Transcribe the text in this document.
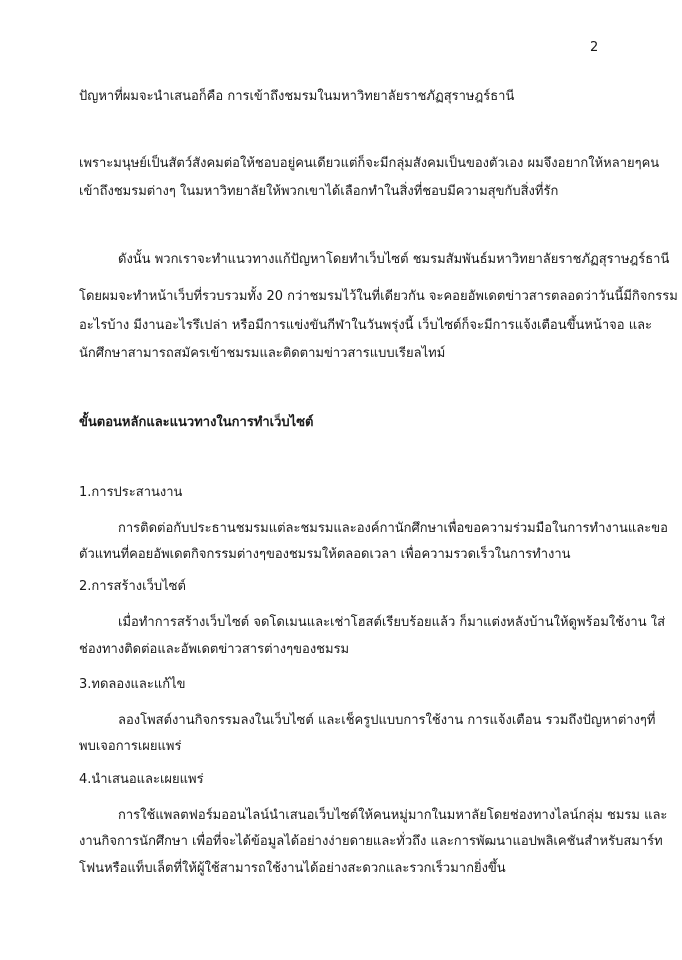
2
ปัญหาที่ผมจะนำเสนอก็คือ การเข้าถึงชมรมในมหาวิทยาลัยราชภัฏสุราษฎร์ธานี
เพราะมนุษย์เป็นสัตว์สังคมต่อให้ชอบอยู่คนเดียวแต่ก็จะมีกลุ่มสังคมเป็นของตัวเอง ผมจึงอยากให้หลายๆคน
เข้าถึงชมรมต่างๆ ในมหาวิทยาลัยให้พวกเขาได้เลือกทำในสิ่งที่ชอบมีความสุขกับสิ่งที่รัก
ดังนั้น พวกเราจะทำแนวทางแก้ปัญหาโดยทำเว็บไซต์ ชมรมสัมพันธ์มหาวิทยาลัยราชภัฏสุราษฎร์ธานี
โดยผมจะทำหน้าเว็บที่รวบรวมทั้ง 20 กว่าชมรมไว้ในที่เดียวกัน จะคอยอัพเดตข่าวสารตลอดว่าวันนี้มีกิจกรรม
อะไรบ้าง มีงานอะไรรึเปล่า หรือมีการแข่งขันกีฬาในวันพรุ่งนี้ เว็บไซต์ก็จะมีการแจ้งเตือนขึ้นหน้าจอ และ
นักศึกษาสามารถสมัครเข้าชมรมและติดตามข่าวสารแบบเรียลไทม์
ขั้นตอนหลักและแนวทางในการทำเว็บไซต์
1.การประสานงาน
การติดต่อกับประธานชมรมแต่ละชมรมและองค์กานักศึกษาเพื่อขอความร่วมมือในการทำงานและขอ
ตัวแทนที่คอยอัพเดตกิจกรรมต่างๆของชมรมให้ตลอดเวลา เพื่อความรวดเร็วในการทำงาน
2.การสร้างเว็บไซต์
เมื่อทำการสร้างเว็บไซต์ จดโดเมนและเช่าโฮสต์เรียบร้อยแล้ว ก็มาแต่งหลังบ้านให้ดูพร้อมใช้งาน ใส่
ช่องทางติดต่อและอัพเดตข่าวสารต่างๆของชมรม
3.ทดลองและแก้ไข
ลองโพสต์งานกิจกรรมลงในเว็บไซต์ และเช็ครูปแบบการใช้งาน การแจ้งเตือน รวมถึงปัญหาต่างๆที่
พบเจอการเผยแพร่
4.นำเสนอและเผยแพร่
การใช้แพลตฟอร์มออนไลน์นำเสนอเว็บไซต์ให้คนหมู่มากในมหาลัยโดยช่องทางไลน์กลุ่ม ชมรม และ
งานกิจการนักศึกษา เพื่อที่จะได้ข้อมูลได้อย่างง่ายดายและทั่วถึง และการพัฒนาแอปพลิเคชันสำหรับสมาร์ท
โฟนหรือแท็บเล็ตที่ให้ผู้ใช้สามารถใช้งานได้อย่างสะดวกและรวกเร็วมากยิ่งขึ้น
